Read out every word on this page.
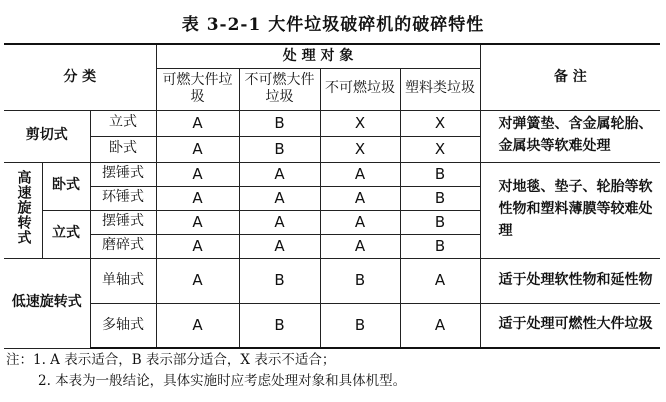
表 3-2-1 大件垃圾破碎机的破碎特性
分 类			处 理 对 象				备 注
			可燃大件垃圾	不可燃大件垃圾	不可燃垃圾	塑料类垃圾	
剪切式		立式	A	B	X	X	对弹簧垫、含金属轮胎、金属块等软难处理
		卧式	A	B	X	X	
高速旋转式	卧式	摆锤式	A	A	A	B	对地毯、垫子、轮胎等软性物和塑料薄膜等较难处理
		环锤式	A	A	A	B	
	立式	摆锤式	A	A	A	B	
		磨碎式	A	A	A	B	
低速旋转式		单轴式	A	B	B	A	适于处理软性物和延性物
		多轴式	A	B	B	A	适于处理可燃性大件垃圾
注：1. A 表示适合，B 表示部分适合，X 表示不适合；
2. 本表为一般结论，具体实施时应考虑处理对象和具体机型。
